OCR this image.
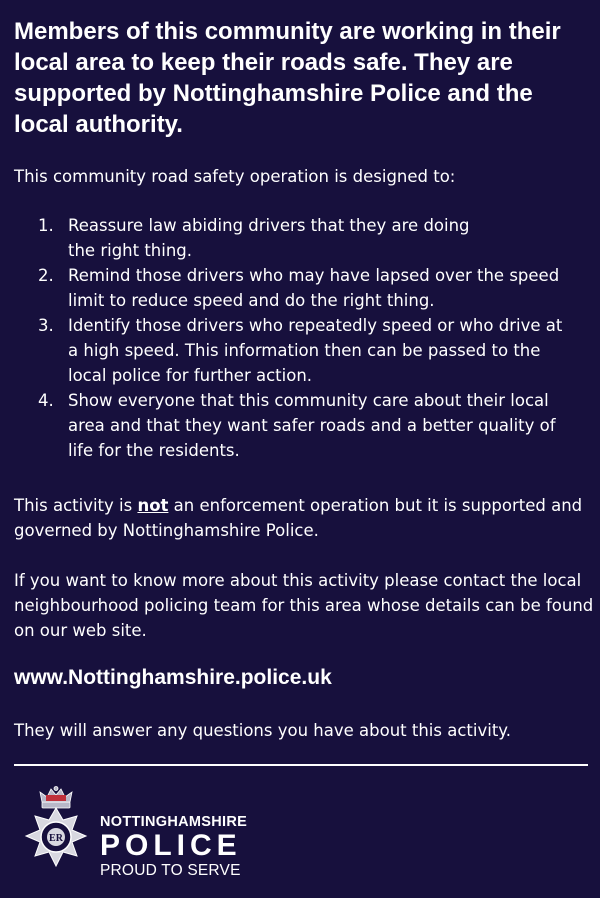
Members of this community are working in their local area to keep their roads safe. They are supported by Nottinghamshire Police and the local authority.

This community road safety operation is designed to:

1. Reassure law abiding drivers that they are doing
the right thing.
2. Remind those drivers who may have lapsed over the speed limit to reduce speed and do the right thing.
3. Identify those drivers who repeatedly speed or who drive at a high speed. This information then can be passed to the local police for further action.
4. Show everyone that this community care about their local area and that they want safer roads and a better quality of life for the residents.

This activity is not an enforcement operation but it is supported and governed by Nottinghamshire Police.

If you want to know more about this activity please contact the local neighbourhood policing team for this area whose details can be found on our web site.

www.Nottinghamshire.police.uk

They will answer any questions you have about this activity.

ER
NOTTINGHAMSHIRE
POLICE
PROUD TO SERVE
